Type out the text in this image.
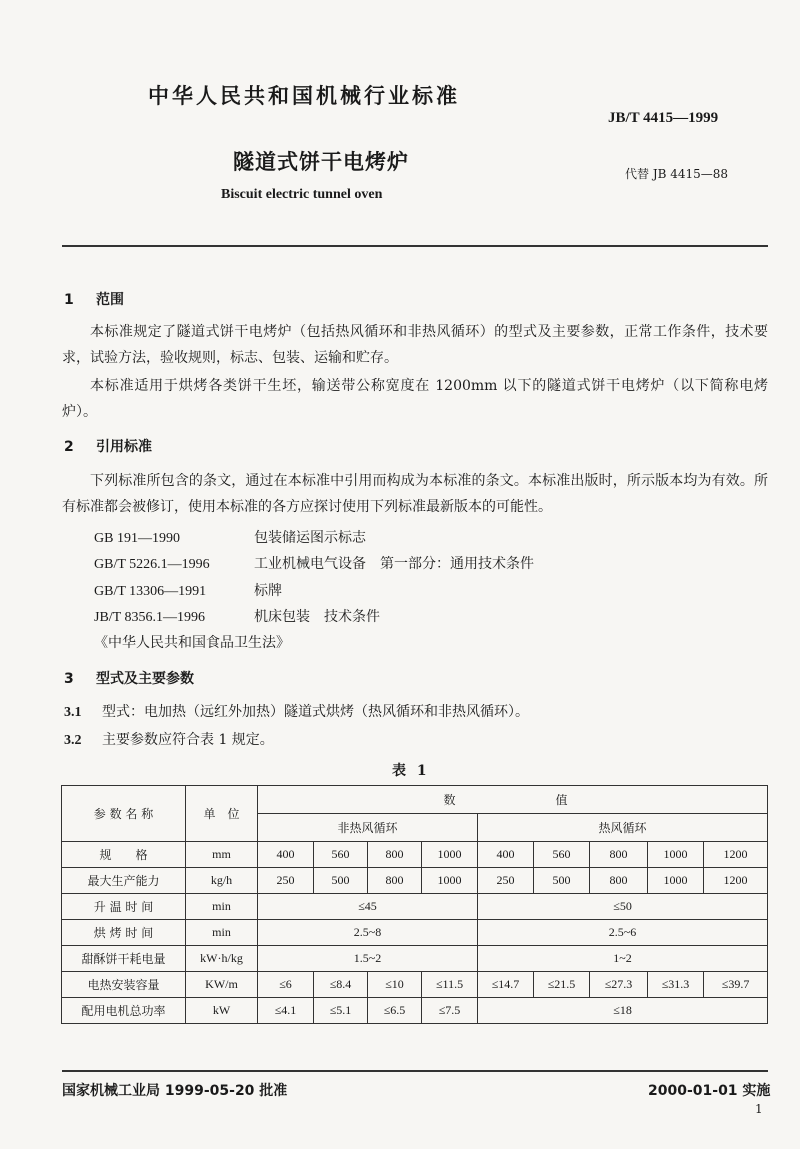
中华人民共和国机械行业标准
JB/T 4415—1999
隧道式饼干电烤炉	代替 JB 4415—88
Biscuit electric tunnel oven
1 范围
本标准规定了隧道式饼干电烤炉（包括热风循环和非热风循环）的型式及主要参数，正常工作条件，技术要求，试验方法，验收规则，标志、包装、运输和贮存。
本标准适用于烘烤各类饼干生坯，输送带公称宽度在 1200mm 以下的隧道式饼干电烤炉（以下简称电烤炉）。
2 引用标准
下列标准所包含的条文，通过在本标准中引用而构成为本标准的条文。本标准出版时，所示版本均为有效。所有标准都会被修订，使用本标准的各方应探讨使用下列标准最新版本的可能性。
GB 191—1990	包装储运图示标志
GB/T 5226.1—1996	工业机械电气设备　第一部分：通用技术条件
GB/T 13306—1991	标牌
JB/T 8356.1—1996	机床包装　技术条件
《中华人民共和国食品卫生法》
3 型式及主要参数
3.1 型式：电加热（远红外加热）隧道式烘烤（热风循环和非热风循环）。
3.2 主要参数应符合表 1 规定。
表 1
参 数 名 称	单　位	数				值				
		非热风循环				热风循环				
规　　格	mm	400	560	800	1000	400	560	800	1000	1200
最大生产能力	kg/h	250	500	800	1000	250	500	800	1000	1200
升 温 时 间	min	≤45				≤50				
烘 烤 时 间	min	2.5~8				2.5~6				
甜酥饼干耗电量	kW·h/kg	1.5~2				1~2				
电热安装容量	KW/m	≤6	≤8.4	≤10	≤11.5	≤14.7	≤21.5	≤27.3	≤31.3	≤39.7
配用电机总功率	kW	≤4.1	≤5.1	≤6.5	≤7.5	≤18				
国家机械工业局 1999-05-20 批准	2000-01-01 实施
1
